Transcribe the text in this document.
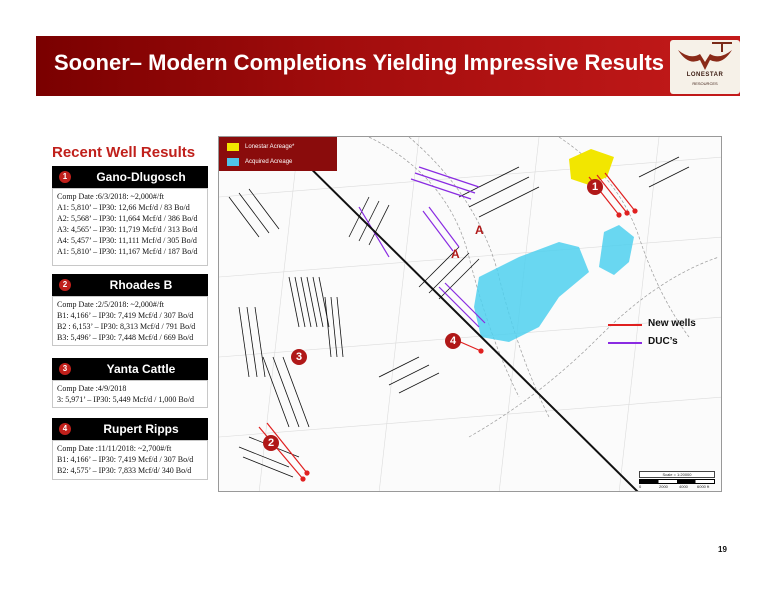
Sooner– Modern Completions Yielding Impressive Results	LONESTAR
RESOURCES
Recent Well Results
1	Gano-Dlugosch
Comp Date :6/3/2018: ~2,000#/ft
A1: 5,810’ – IP30: 12,66 Mcf/d / 83 Bo/d
A2: 5,568’ – IP30: 11,664 Mcf/d / 386 Bo/d
A3: 4,565’ – IP30: 11,719 Mcf/d / 313 Bo/d
A4: 5,457’ – IP30: 11,111 Mcf/d / 305 Bo/d
A1: 5,810’ – IP30: 11,167 Mcf/d / 187 Bo/d
2	Rhoades B
Comp Date :2/5/2018: ~2,000#/ft
B1: 4,166’ – IP30: 7,419 Mcf/d / 307 Bo/d
B2 : 6,153’ – IP30: 8,313 Mcf/d / 791 Bo/d
B3: 5,496’ – IP30: 7,448 Mcf/d / 669 Bo/d
3	Yanta Cattle
Comp Date :4/9/2018
3: 5,971’ – IP30: 5,449 Mcf/d / 1,000 Bo/d
4	Rupert Ripps
Comp Date :11/11/2018: ~2,700#/ft
B1: 4,166’ – IP30: 7,419 Mcf/d / 307 Bo/d
B2: 4,575’ – IP30: 7,833 Mcf/d/ 340 Bo/d
Lonestar Acreage*
Acquired Acreage
1
2
3
4
A
A
Scale = 1:20000
0	2000	4000 6000 ft
New wells
DUC’s
19
